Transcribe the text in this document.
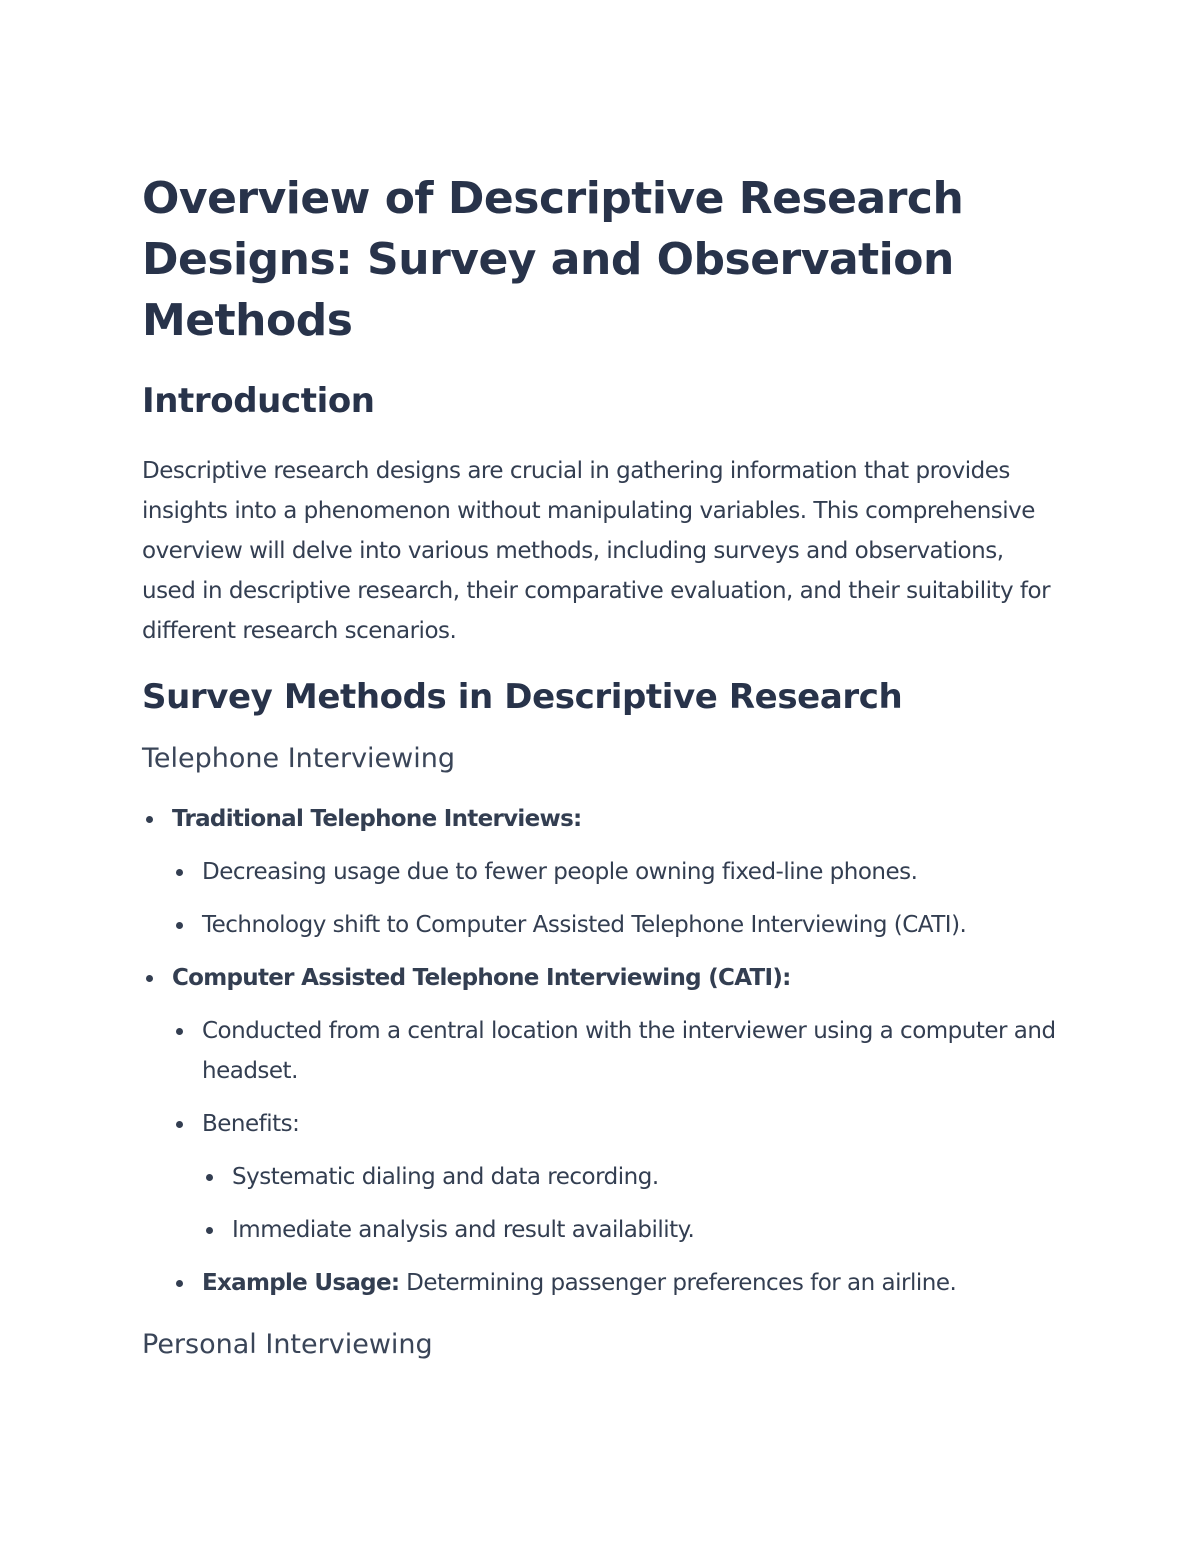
Overview of Descriptive Research Designs: Survey and Observation Methods
Introduction

Descriptive research designs are crucial in gathering information that provides insights into a phenomenon without manipulating variables. This comprehensive overview will delve into various methods, including surveys and observations, used in descriptive research, their comparative evaluation, and their suitability for different research scenarios.

Survey Methods in Descriptive Research
Telephone Interviewing
Traditional Telephone Interviews:
Decreasing usage due to fewer people owning fixed-line phones.
Technology shift to Computer Assisted Telephone Interviewing (CATI).
Computer Assisted Telephone Interviewing (CATI):
Conducted from a central location with the interviewer using a computer and headset.
Benefits:
Systematic dialing and data recording.
Immediate analysis and result availability.
Example Usage: Determining passenger preferences for an airline.
Personal Interviewing
